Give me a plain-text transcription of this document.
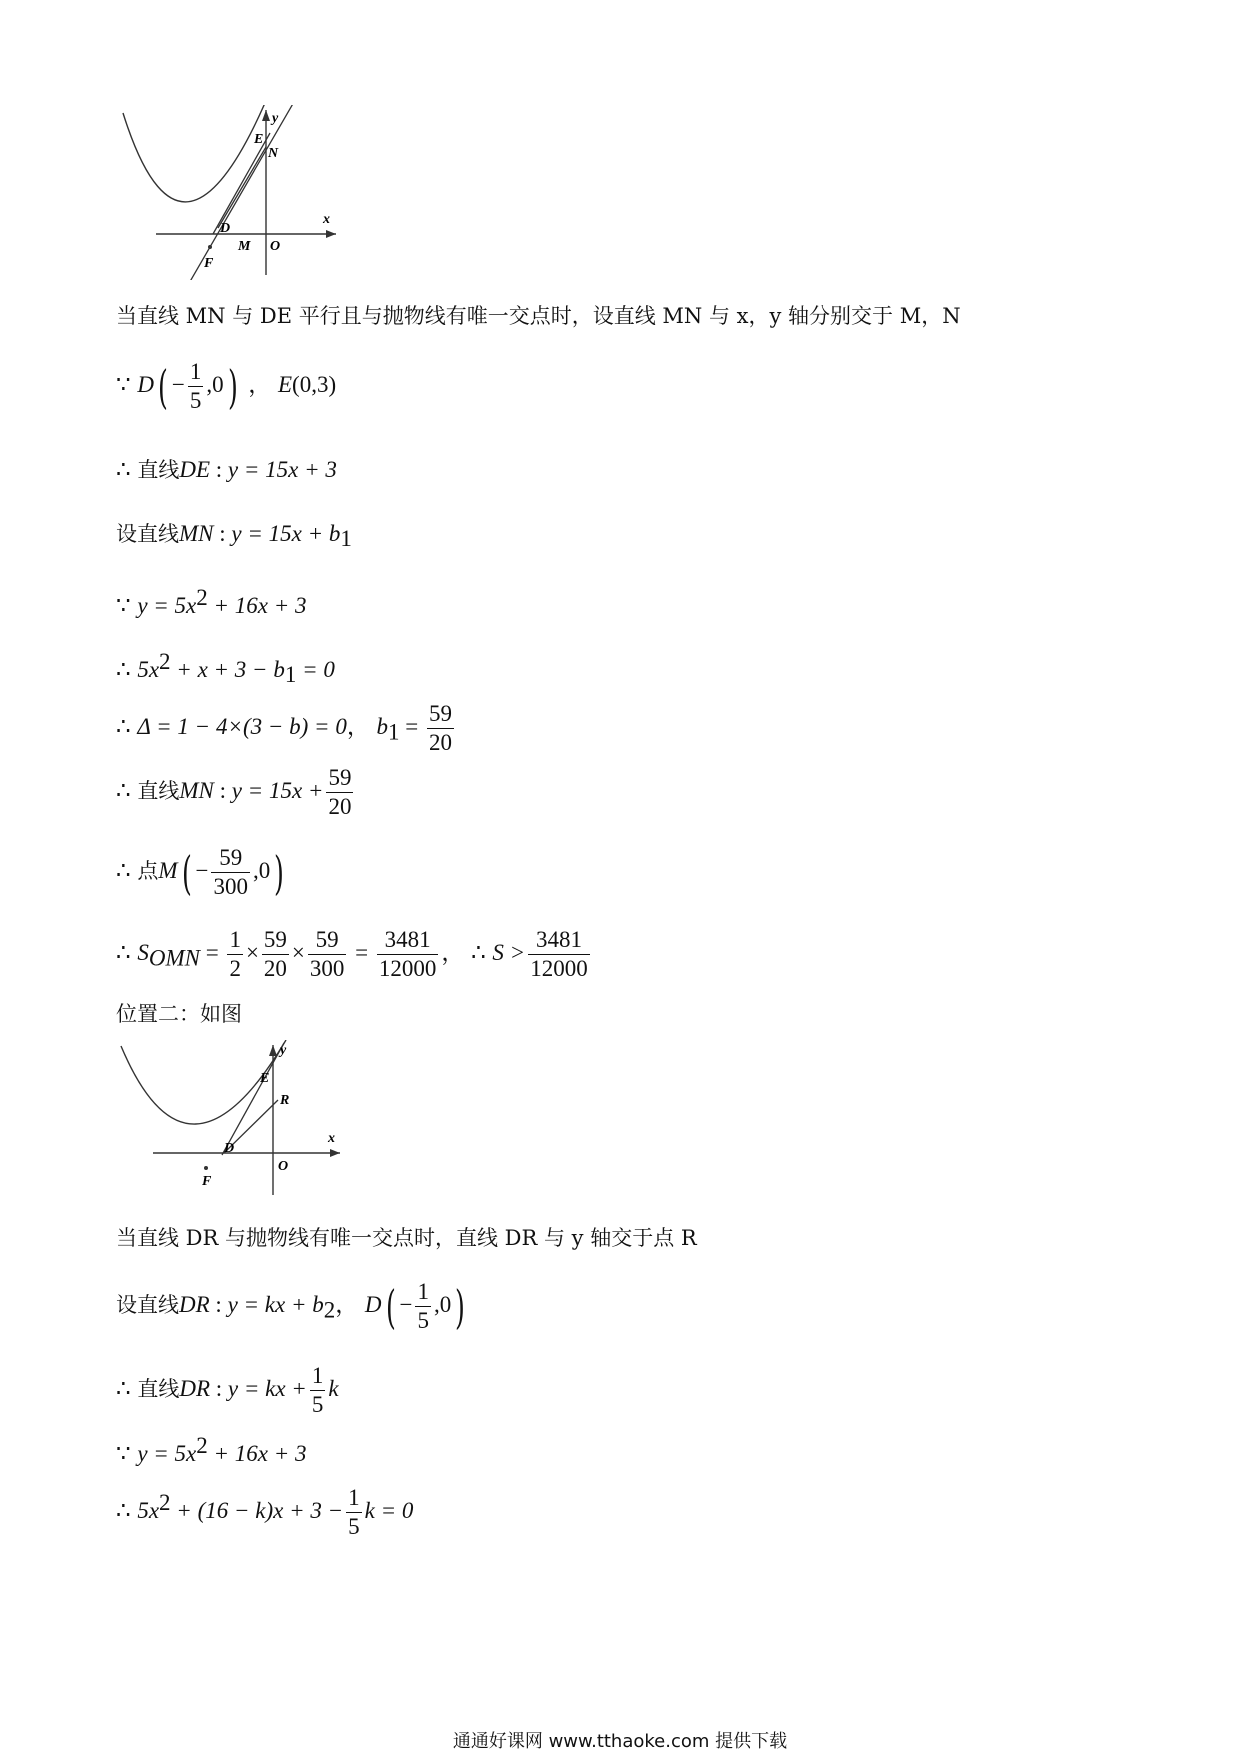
E
y
N
x
D
M O
F
当直线 MN 与 DE 平行且与抛物线有唯一交点时，设直线 MN 与 x，y 轴分别交于 M，N
∵ $D( - \frac{1}{5} ,0)$ ， E(0,3)
∴ 直线DE : y = 15x + 3
设直线MN : $y = 15x + b_1$
∵ $y = 5x^2 + 16x + 3$
∴ $5x^2 + x + 3 - b_1 = 0$
∴ Δ = 1 − 4×(3 − b) = 0， $b_1 = \frac{59}{20}$
∴ 直线MN : $y = 15x + \frac{59}{20}$
∴ 点$M( - \frac{59}{300} ,0)$
∴ $S_{OMN} = \frac{1}{2} \times \frac{59}{20} \times \frac{59}{300} = \frac{3481}{12000}$ ， ∴ $S > \frac{3481}{12000}$
位置二：如图
y
E
R
x
D
O
F
当直线 DR 与抛物线有唯一交点时，直线 DR 与 y 轴交于点 R
设直线DR : y = kx + $b_2$， $D( - \frac{1}{5} ,0)$
∴ 直线DR : y = kx + $\frac{1}{5}$ k
∵ $y = 5x^2 + 16x + 3$
∴ $5x^2 + (16 - k)x + 3 - \frac{1}{5}$ k = 0
通通好课网 www.tthaoke.com 提供下载
